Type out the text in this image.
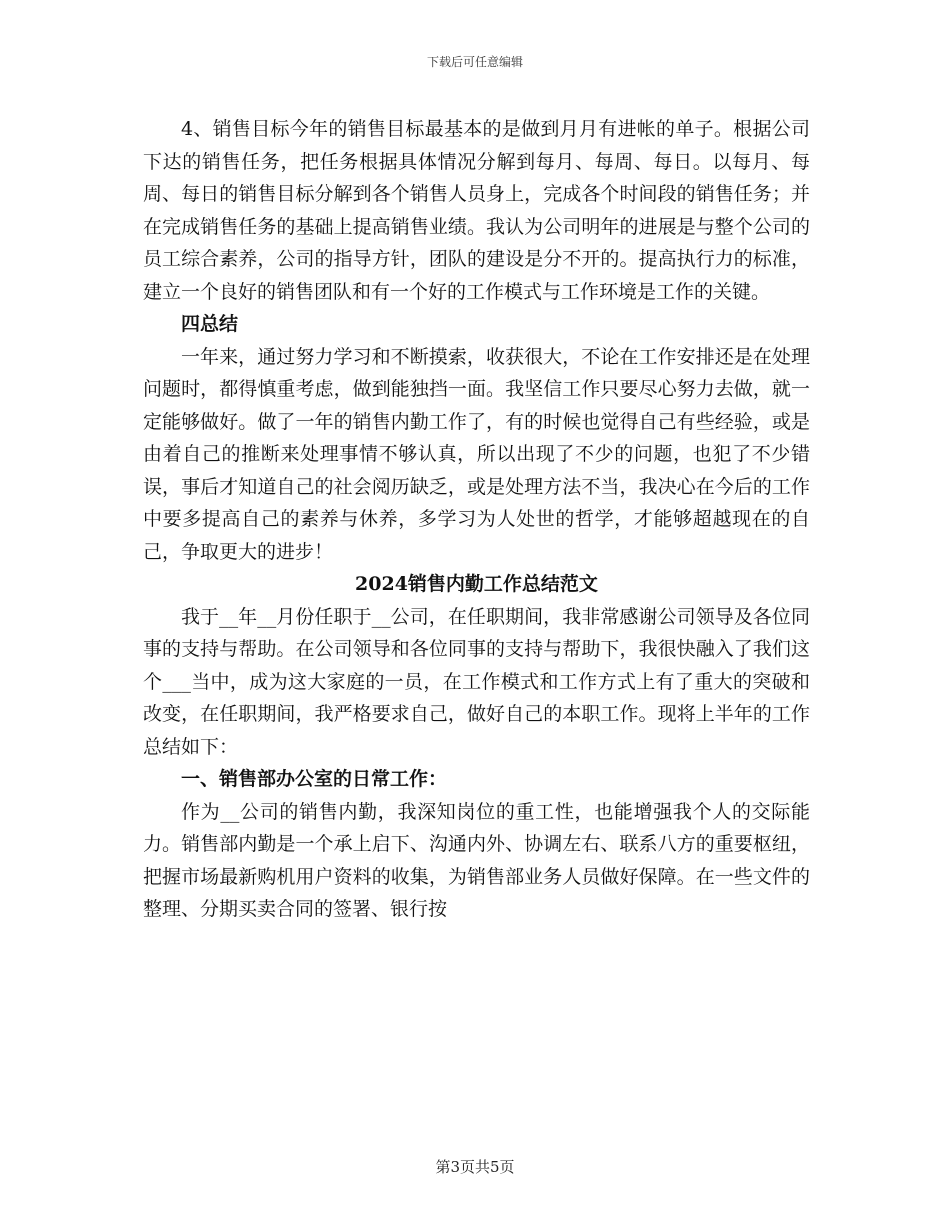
下载后可任意编辑

4、销售目标今年的销售目标最基本的是做到月月有进帐的单子。根据公司下达的销售任务，把任务根据具体情况分解到每月、每周、每日。以每月、每周、每日的销售目标分解到各个销售人员身上，完成各个时间段的销售任务；并在完成销售任务的基础上提高销售业绩。我认为公司明年的进展是与整个公司的员工综合素养，公司的指导方针，团队的建设是分不开的。提高执行力的标准，建立一个良好的销售团队和有一个好的工作模式与工作环境是工作的关键。

四总结

一年来，通过努力学习和不断摸索，收获很大，不论在工作安排还是在处理问题时，都得慎重考虑，做到能独挡一面。我坚信工作只要尽心努力去做，就一定能够做好。做了一年的销售内勤工作了，有的时候也觉得自己有些经验，或是由着自己的推断来处理事情不够认真，所以出现了不少的问题，也犯了不少错误，事后才知道自己的社会阅历缺乏，或是处理方法不当，我决心在今后的工作中要多提高自己的素养与休养，多学习为人处世的哲学，才能够超越现在的自己，争取更大的进步！

2024销售内勤工作总结范文

我于__年__月份任职于__公司，在任职期间，我非常感谢公司领导及各位同事的支持与帮助。在公司领导和各位同事的支持与帮助下，我很快融入了我们这个___当中，成为这大家庭的一员，在工作模式和工作方式上有了重大的突破和改变，在任职期间，我严格要求自己，做好自己的本职工作。现将上半年的工作总结如下：

一、销售部办公室的日常工作：

作为__公司的销售内勤，我深知岗位的重工性，也能增强我个人的交际能力。销售部内勤是一个承上启下、沟通内外、协调左右、联系八方的重要枢纽，把握市场最新购机用户资料的收集，为销售部业务人员做好保障。在一些文件的整理、分期买卖合同的签署、银行按

第3页共5页
